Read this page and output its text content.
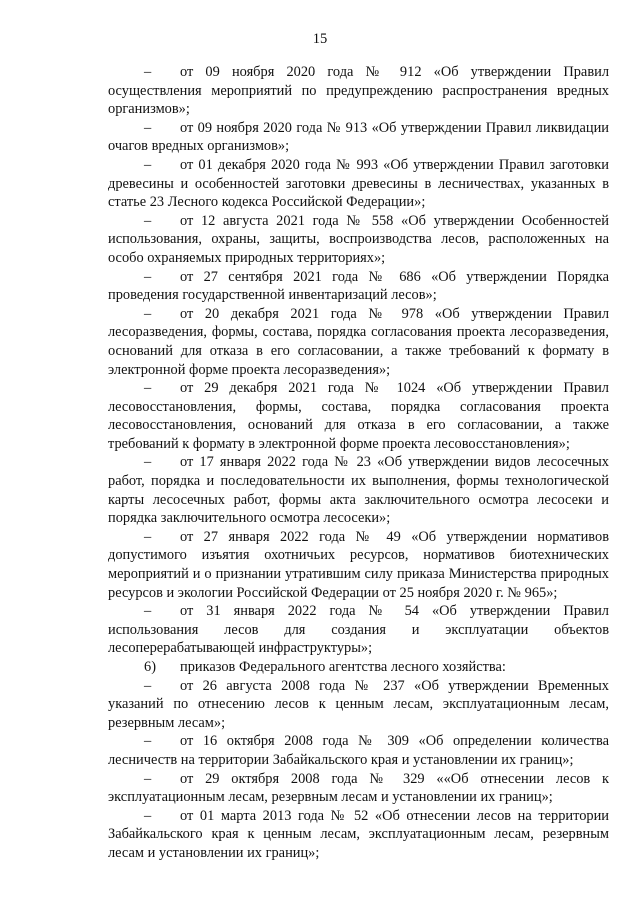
15

– от 09 ноября 2020 года № 912 «Об утверждении Правил осуществления мероприятий по предупреждению распространения вредных организмов»;

– от 09 ноября 2020 года № 913 «Об утверждении Правил ликвидации очагов вредных организмов»;

– от 01 декабря 2020 года № 993 «Об утверждении Правил заготовки древесины и особенностей заготовки древесины в лесничествах, указанных в статье 23 Лесного кодекса Российской Федерации»;

– от 12 августа 2021 года № 558 «Об утверждении Особенностей использования, охраны, защиты, воспроизводства лесов, расположенных на особо охраняемых природных территориях»;

– от 27 сентября 2021 года № 686 «Об утверждении Порядка проведения государственной инвентаризаций лесов»;

– от 20 декабря 2021 года № 978 «Об утверждении Правил лесоразведения, формы, состава, порядка согласования проекта лесоразведения, оснований для отказа в его согласовании, а также требований к формату в электронной форме проекта лесоразведения»;

– от 29 декабря 2021 года № 1024 «Об утверждении Правил лесовосстановления, формы, состава, порядка согласования проекта лесовосстановления, оснований для отказа в его согласовании, а также требований к формату в электронной форме проекта лесовосстановления»;

– от 17 января 2022 года № 23 «Об утверждении видов лесосечных работ, порядка и последовательности их выполнения, формы технологической карты лесосечных работ, формы акта заключительного осмотра лесосеки и порядка заключительного осмотра лесосеки»;

– от 27 января 2022 года № 49 «Об утверждении нормативов допустимого изъятия охотничьих ресурсов, нормативов биотехнических мероприятий и о признании утратившим силу приказа Министерства природных ресурсов и экологии Российской Федерации от 25 ноября 2020 г. № 965»;

– от 31 января 2022 года № 54 «Об утверждении Правил использования лесов для создания и эксплуатации объектов лесоперерабатывающей инфраструктуры»;

6) приказов Федерального агентства лесного хозяйства:

– от 26 августа 2008 года № 237 «Об утверждении Временных указаний по отнесению лесов к ценным лесам, эксплуатационным лесам, резервным лесам»;

– от 16 октября 2008 года № 309 «Об определении количества лесничеств на территории Забайкальского края и установлении их границ»;

– от 29 октября 2008 года № 329 ««Об отнесении лесов к эксплуатационным лесам, резервным лесам и установлении их границ»;

– от 01 марта 2013 года № 52 «Об отнесении лесов на территории Забайкальского края к ценным лесам, эксплуатационным лесам, резервным лесам и установлении их границ»;
